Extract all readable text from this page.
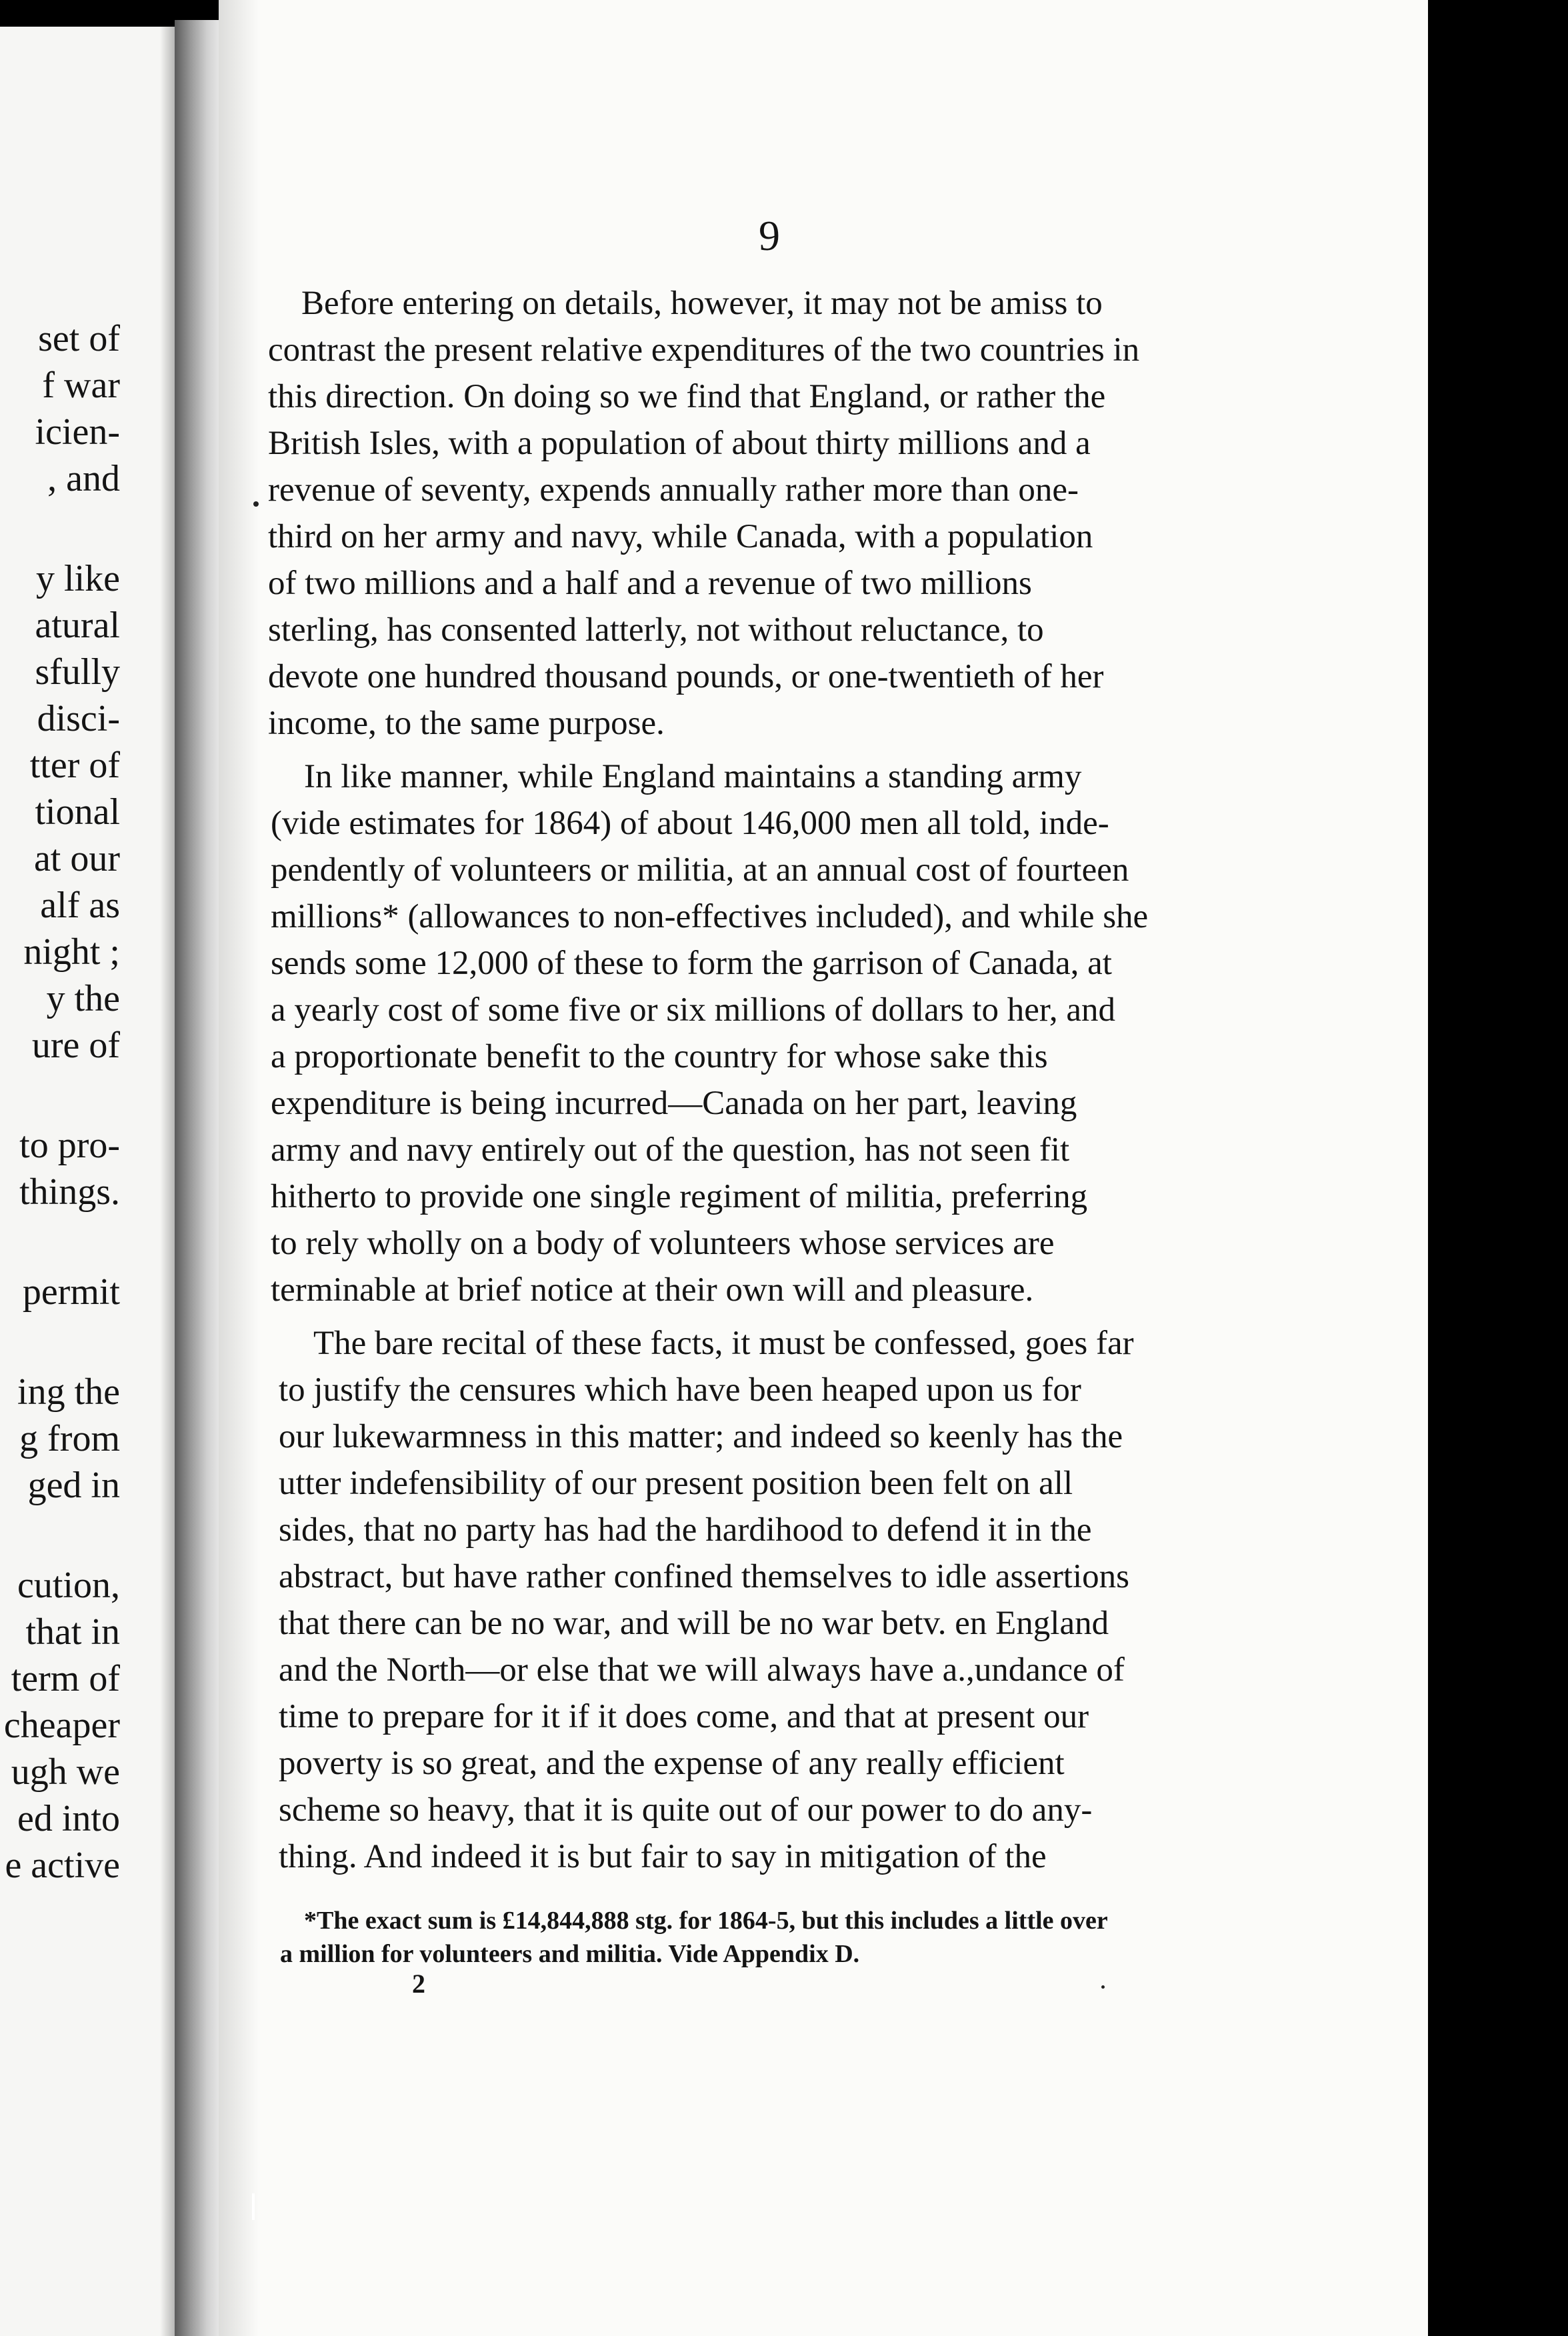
set of
f war
icien-
, and
y like
atural
sfully
disci-
tter of
tional
at our
alf as
night ;
y the
ure of
to pro-
things.
permit
ing the
g from
ged in
cution,
that in
term of
cheaper
ugh we
ed into
e active
9
Before entering on details, however, it may not be amiss to
contrast the present relative expenditures of the two countries in
this direction. On doing so we find that England, or rather the
British Isles, with a population of about thirty millions and a
revenue of seventy, expends annually rather more than one-
third on her army and navy, while Canada, with a population
of two millions and a half and a revenue of two millions
sterling, has consented latterly, not without reluctance, to
devote one hundred thousand pounds, or one-twentieth of her
income, to the same purpose.
In like manner, while England maintains a standing army
(vide estimates for 1864) of about 146,000 men all told, inde-
pendently of volunteers or militia, at an annual cost of fourteen
millions* (allowances to non-effectives included), and while she
sends some 12,000 of these to form the garrison of Canada, at
a yearly cost of some five or six millions of dollars to her, and
a proportionate benefit to the country for whose sake this
expenditure is being incurred—Canada on her part, leaving
army and navy entirely out of the question, has not seen fit
hitherto to provide one single regiment of militia, preferring
to rely wholly on a body of volunteers whose services are
terminable at brief notice at their own will and pleasure.
The bare recital of these facts, it must be confessed, goes far
to justify the censures which have been heaped upon us for
our lukewarmness in this matter; and indeed so keenly has the
utter indefensibility of our present position been felt on all
sides, that no party has had the hardihood to defend it in the
abstract, but have rather confined themselves to idle assertions
that there can be no war, and will be no war betv. en England
and the North—or else that we will always have a.,undance of
time to prepare for it if it does come, and that at present our
poverty is so great, and the expense of any really efficient
scheme so heavy, that it is quite out of our power to do any-
thing. And indeed it is but fair to say in mitigation of the
*The exact sum is £14,844,888 stg. for 1864-5, but this includes a little over
a million for volunteers and militia. Vide Appendix D.
2
